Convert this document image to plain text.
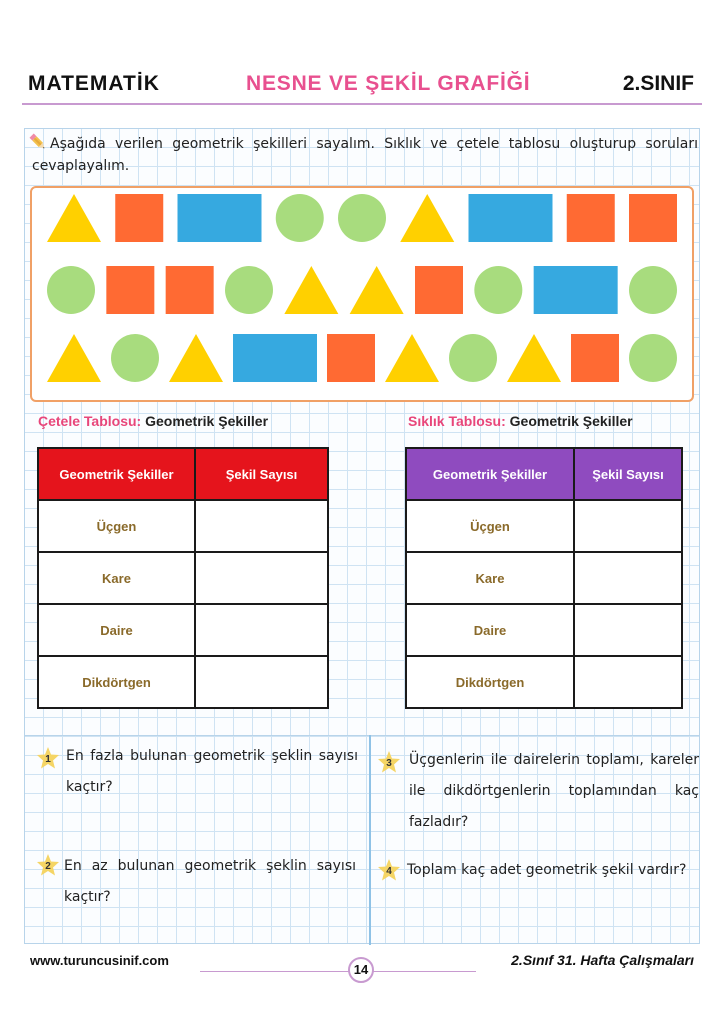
MATEMATİK	NESNE VE ŞEKİL GRAFİĞİ	2.SINIF
Aşağıda verilen geometrik şekilleri sayalım. Sıklık ve çetele tablosu oluşturup soruları cevaplayalım.
Çetele Tablosu: Geometrik Şekiller
Geometrik Şekiller	Şekil Sayısı
Üçgen	
Kare	
Daire	
Dikdörtgen	
Sıklık Tablosu: Geometrik Şekiller
Geometrik Şekiller	Şekil Sayısı
Üçgen	
Kare	
Daire	
Dikdörtgen	
1 En fazla bulunan geometrik şeklin sayısı kaçtır?
2 En az bulunan geometrik şeklin sayısı kaçtır?
3 Üçgenlerin ile dairelerin toplamı, kareler ile dikdörtgenlerin toplamından kaç fazladır?
4 Toplam kaç adet geometrik şekil vardır?
www.turuncusinif.com
14
2.Sınıf 31. Hafta Çalışmaları
